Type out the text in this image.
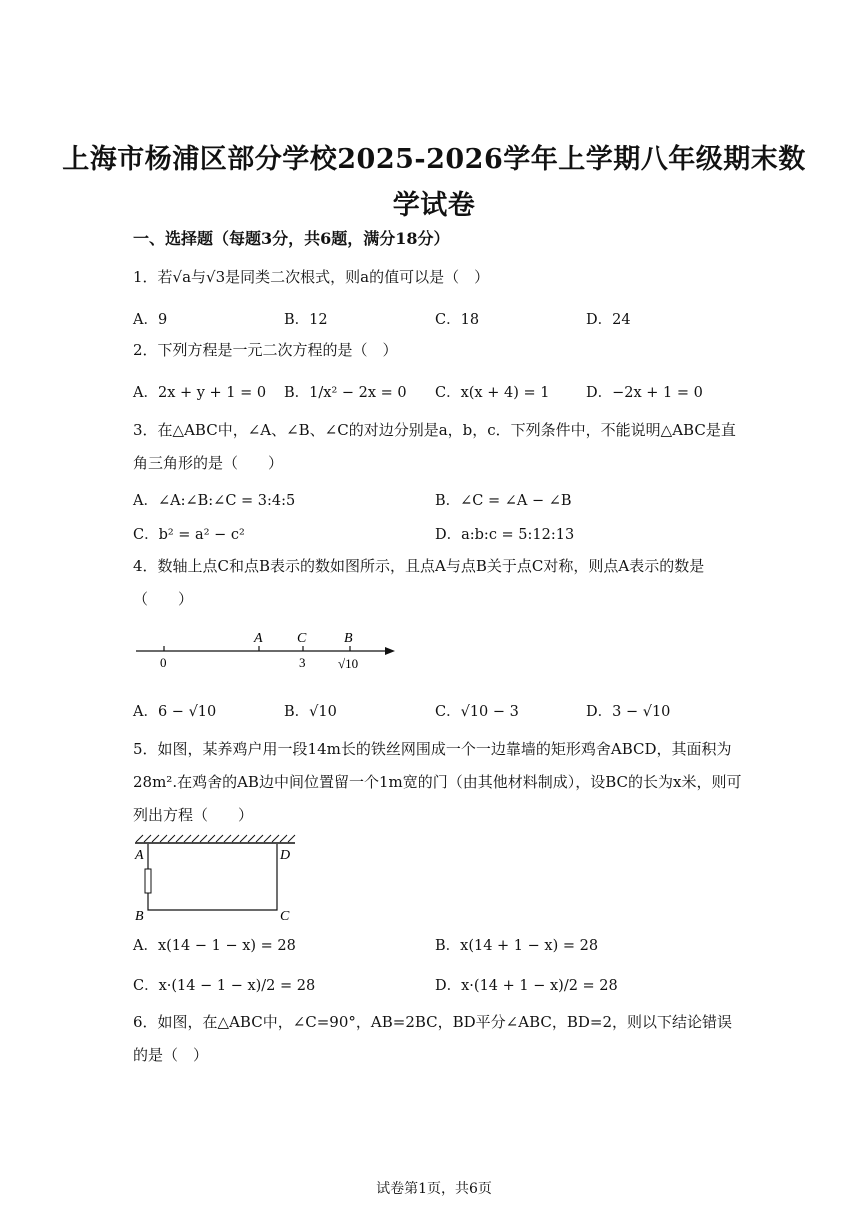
上海市杨浦区部分学校2025-2026学年上学期八年级期末数
学试卷
一、选择题（每题3分，共6题，满分18分）
1．若√a与√3是同类二次根式，则a的值可以是（　）
A．9	B．12	C．18	D．24
2．下列方程是一元二次方程的是（　）
A．2x + y + 1 = 0 B．1/x² − 2x = 0 C．x(x + 4) = 1	D．−2x + 1 = 0
3．在△ABC中，∠A、∠B、∠C的对边分别是a，b，c．下列条件中，不能说明△ABC是直角三角形的是（　　）
A．∠A:∠B:∠C = 3:4:5	B．∠C = ∠A − ∠B
C．b² = a² − c²	D．a:b:c = 5:12:13
4．数轴上点C和点B表示的数如图所示，且点A与点B关于点C对称，则点A表示的数是（　　）
A C	B
0	3	√10
A．6 − √10	B．√10	C．√10 − 3	D．3 − √10
5．如图，某养鸡户用一段14m长的铁丝网围成一个一边靠墙的矩形鸡舍ABCD，其面积为28m².在鸡舍的AB边中间位置留一个1m宽的门（由其他材料制成），设BC的长为x米，则可列出方程（　　）
A	D
B	C
A．x(14 − 1 − x) = 28	B．x(14 + 1 − x) = 28
C．x·(14 − 1 − x)/2 = 28	D．x·(14 + 1 − x)/2 = 28
6．如图，在△ABC中，∠C=90°，AB=2BC，BD平分∠ABC，BD=2，则以下结论错误的是（　）
试卷第1页，共6页
